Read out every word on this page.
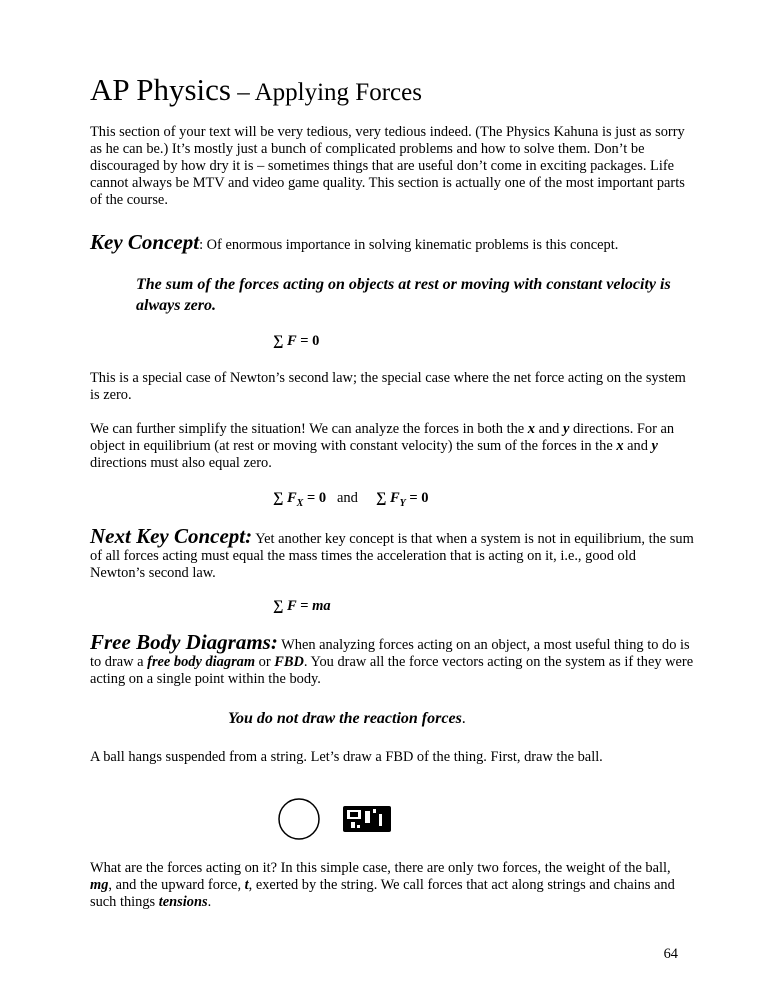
AP Physics – Applying Forces

This section of your text will be very tedious, very tedious indeed. (The Physics Kahuna is just as sorry as he can be.) It’s mostly just a bunch of complicated problems and how to solve them. Don’t be discouraged by how dry it is – sometimes things that are useful don’t come in exciting packages. Life cannot always be MTV and video game quality. This section is actually one of the most important parts of the course.

Key Concept: Of enormous importance in solving kinematic problems is this concept.

The sum of the forces acting on objects at rest or moving with constant velocity is always zero.
∑ F = 0

This is a special case of Newton’s second law; the special case where the net force acting on the system is zero.

We can further simplify the situation! We can analyze the forces in both the x and y directions. For an object in equilibrium (at rest or moving with constant velocity) the sum of the forces in the x and y directions must also equal zero.

∑ $F_X = 0$ and ∑ $F_Y = 0$

Next Key Concept: Yet another key concept is that when a system is not in equilibrium, the sum of all forces acting must equal the mass times the acceleration that is acting on it, i.e., good old Newton’s second law.

∑ F = ma

Free Body Diagrams: When analyzing forces acting on an object, a most useful thing to do is to draw a free body diagram or FBD. You draw all the force vectors acting on the system as if they were acting on a single point within the body.

You do not draw the reaction forces.

A ball hangs suspended from a string. Let’s draw a FBD of the thing. First, draw the ball.

What are the forces acting on it? In this simple case, there are only two forces, the weight of the ball, mg, and the upward force, t, exerted by the string. We call forces that act along strings and chains and such things tensions.

64
